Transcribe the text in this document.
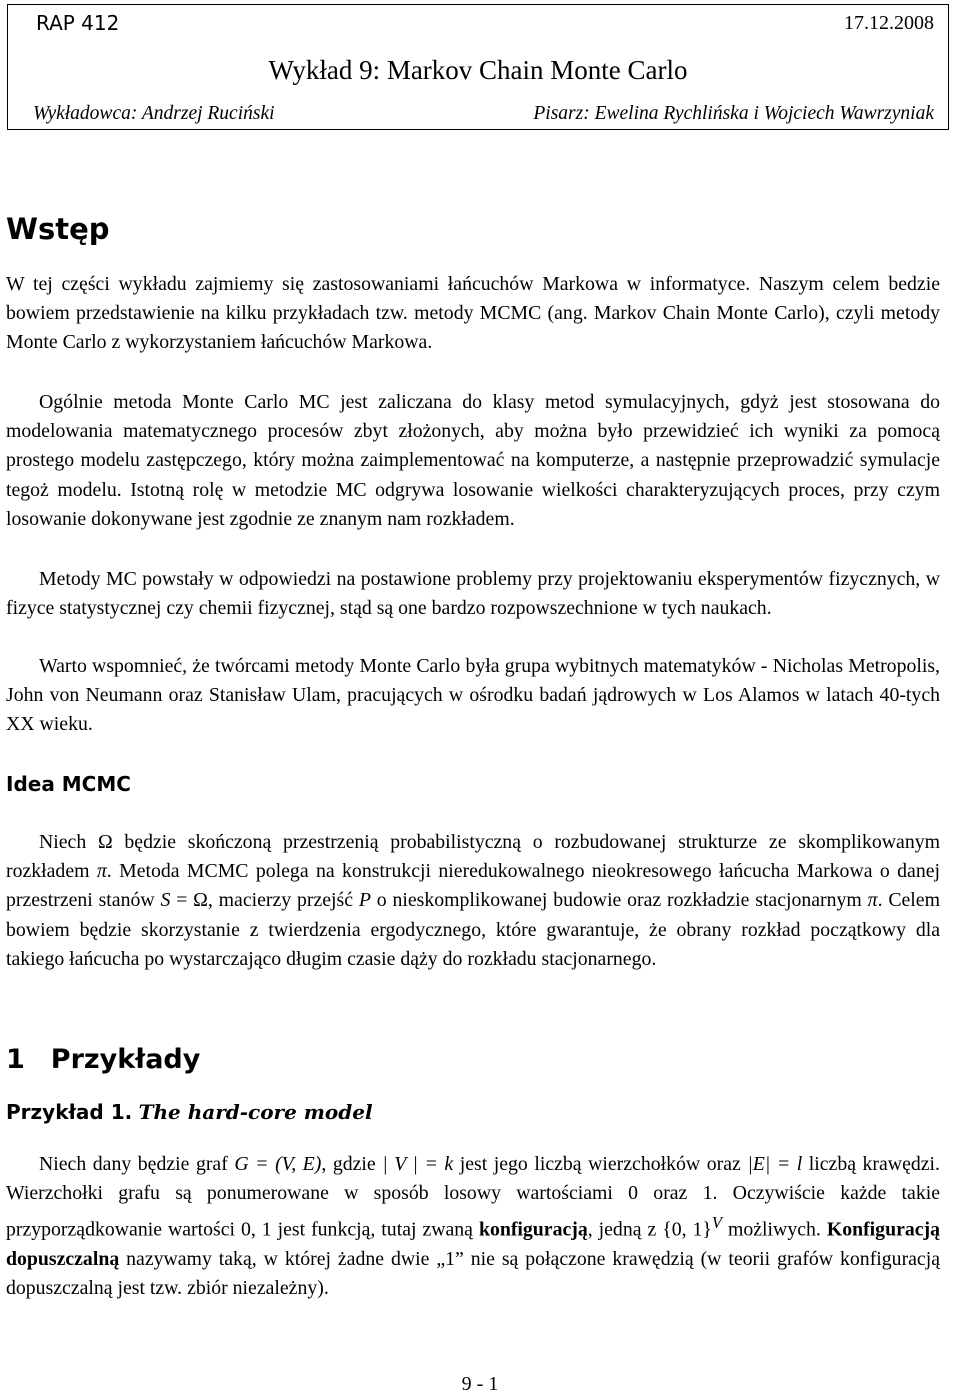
RAP 412	17.12.2008
Wykład 9: Markov Chain Monte Carlo
Wykładowca: Andrzej Ruciński	Pisarz: Ewelina Rychlińska i Wojciech Wawrzyniak
Wstęp

W tej części wykładu zajmiemy się zastosowaniami łańcuchów Markowa w informatyce. Naszym celem bedzie bowiem przedstawienie na kilku przykładach tzw. metody MCMC (ang. Markov Chain Monte Carlo), czyli metody Monte Carlo z wykorzystaniem łańcuchów Markowa.

Ogólnie metoda Monte Carlo MC jest zaliczana do klasy metod symulacyjnych, gdyż jest stosowana do modelowania matematycznego procesów zbyt złożonych, aby można było przewidzieć ich wyniki za pomocą prostego modelu zastępczego, który można zaimplementować na komputerze, a następnie przeprowadzić symulacje tegoż modelu. Istotną rolę w metodzie MC odgrywa losowanie wielkości charakteryzujących proces, przy czym losowanie dokonywane jest zgodnie ze znanym nam rozkładem.

Metody MC powstały w odpowiedzi na postawione problemy przy projektowaniu eksperymentów fizycznych, w fizyce statystycznej czy chemii fizycznej, stąd są one bardzo rozpowszechnione w tych naukach.

Warto wspomnieć, że twórcami metody Monte Carlo była grupa wybitnych matematyków - Nicholas Metropolis, John von Neumann oraz Stanisław Ulam, pracujących w ośrodku badań jądrowych w Los Alamos w latach 40-tych XX wieku.

Idea MCMC

Niech Ω będzie skończoną przestrzenią probabilistyczną o rozbudowanej strukturze ze skomplikowanym rozkładem π. Metoda MCMC polega na konstrukcji nieredukowalnego nieokresowego łańcucha Markowa o danej przestrzeni stanów S = Ω, macierzy przejść P o nieskomplikowanej budowie oraz rozkładzie stacjonarnym π. Celem bowiem będzie skorzystanie z twierdzenia ergodycznego, które gwarantuje, że obrany rozkład początkowy dla takiego łańcucha po wystarczająco długim czasie dąży do rozkładu stacjonarnego.

1 Przykłady
Przykład 1. The hard-core model

Niech dany będzie graf G = (V, E), gdzie | V | = k jest jego liczbą wierzchołków oraz |E| = l liczbą krawędzi. Wierzchołki grafu są ponumerowane w sposób losowy wartościami 0 oraz 1. Oczywiście każde takie przyporządkowanie wartości 0, 1 jest funkcją, tutaj zwaną konfiguracją, jedną z {0, 1}$^V$ możliwych. Konfiguracją dopuszczalną nazywamy taką, w której żadne dwie „1” nie są połączone krawędzią (w teorii grafów konfiguracją dopuszczalną jest tzw. zbiór niezależny).

9 - 1
